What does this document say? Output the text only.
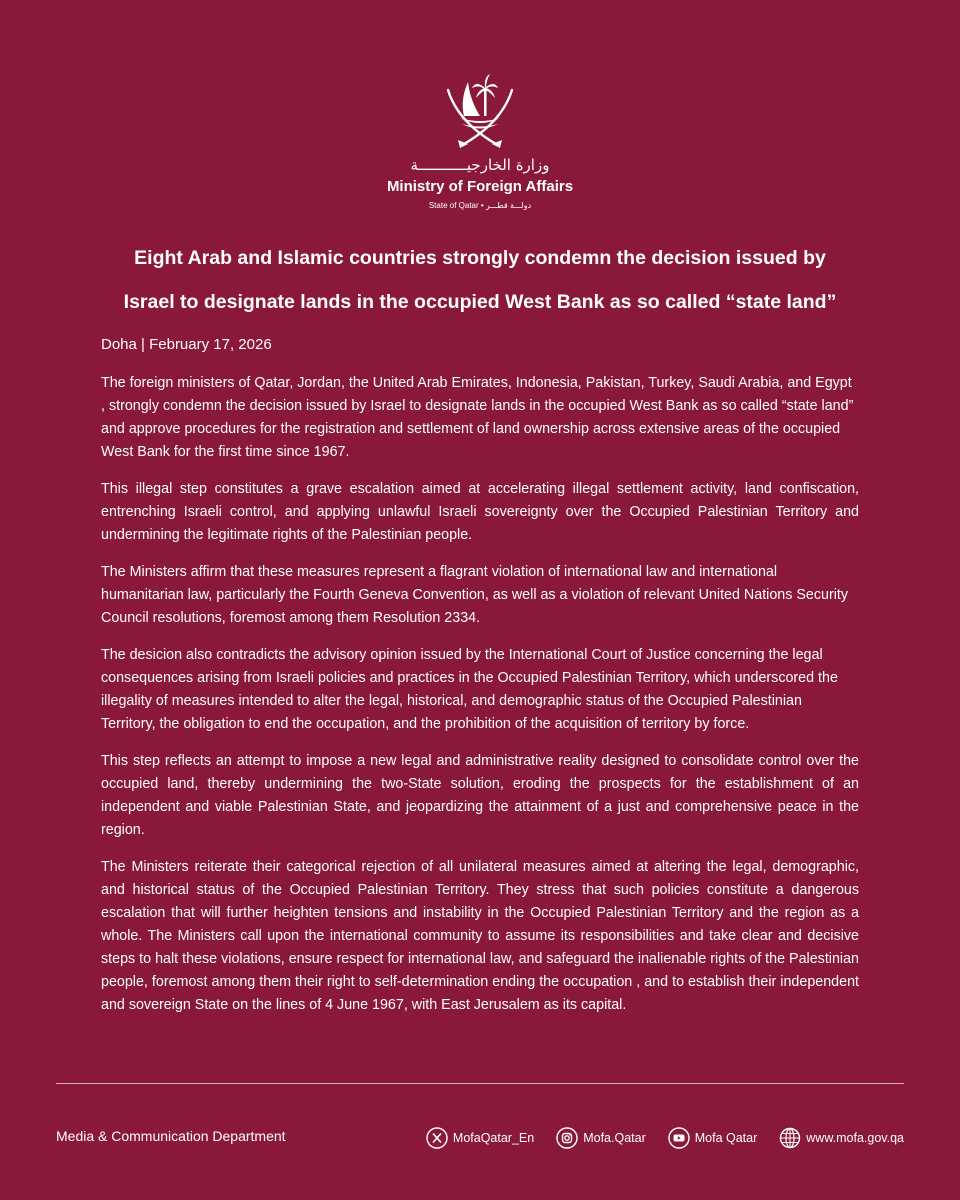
وزارة الخارجيـــــــــــة
Ministry of Foreign Affairs
State of Qatar • دولـــة قطـــر
Eight Arab and Islamic countries strongly condemn the decision issued by
Israel to designate lands in the occupied West Bank as so called “state land”
Doha | February 17, 2026

The foreign ministers of Qatar, Jordan, the United Arab Emirates, Indonesia, Pakistan, Turkey, Saudi Arabia, and Egypt , strongly condemn the decision issued by Israel to designate lands in the occupied West Bank as so called “state land” and approve procedures for the registration and settlement of land ownership across extensive areas of the occupied West Bank for the first time since 1967.

This illegal step constitutes a grave escalation aimed at accelerating illegal settlement activity, land confiscation, entrenching Israeli control, and applying unlawful Israeli sovereignty over the Occupied Palestinian Territory and undermining the legitimate rights of the Palestinian people.

The Ministers affirm that these measures represent a flagrant violation of international law and international humanitarian law, particularly the Fourth Geneva Convention, as well as a violation of relevant United Nations Security Council resolutions, foremost among them Resolution 2334.

The desicion also contradicts the advisory opinion issued by the International Court of Justice concerning the legal consequences arising from Israeli policies and practices in the Occupied Palestinian Territory, which underscored the illegality of measures intended to alter the legal, historical, and demographic status of the Occupied Palestinian Territory, the obligation to end the occupation, and the prohibition of the acquisition of territory by force.

This step reflects an attempt to impose a new legal and administrative reality designed to consolidate control over the occupied land, thereby undermining the two-State solution, eroding the prospects for the establishment of an independent and viable Palestinian State, and jeopardizing the attainment of a just and comprehensive peace in the region.

The Ministers reiterate their categorical rejection of all unilateral measures aimed at altering the legal, demographic, and historical status of the Occupied Palestinian Territory. They stress that such policies constitute a dangerous escalation that will further heighten tensions and instability in the Occupied Palestinian Territory and the region as a whole. The Ministers call upon the international community to assume its responsibilities and take clear and decisive steps to halt these violations, ensure respect for international law, and safeguard the inalienable rights of the Palestinian people, foremost among them their right to self-determination ending the occupation , and to establish their independent and sovereign State on the lines of 4 June 1967, with East Jerusalem as its capital.

Media & Communication Department	MofaQatar_En	Mofa.Qatar	Mofa Qatar	www.mofa.gov.qa
